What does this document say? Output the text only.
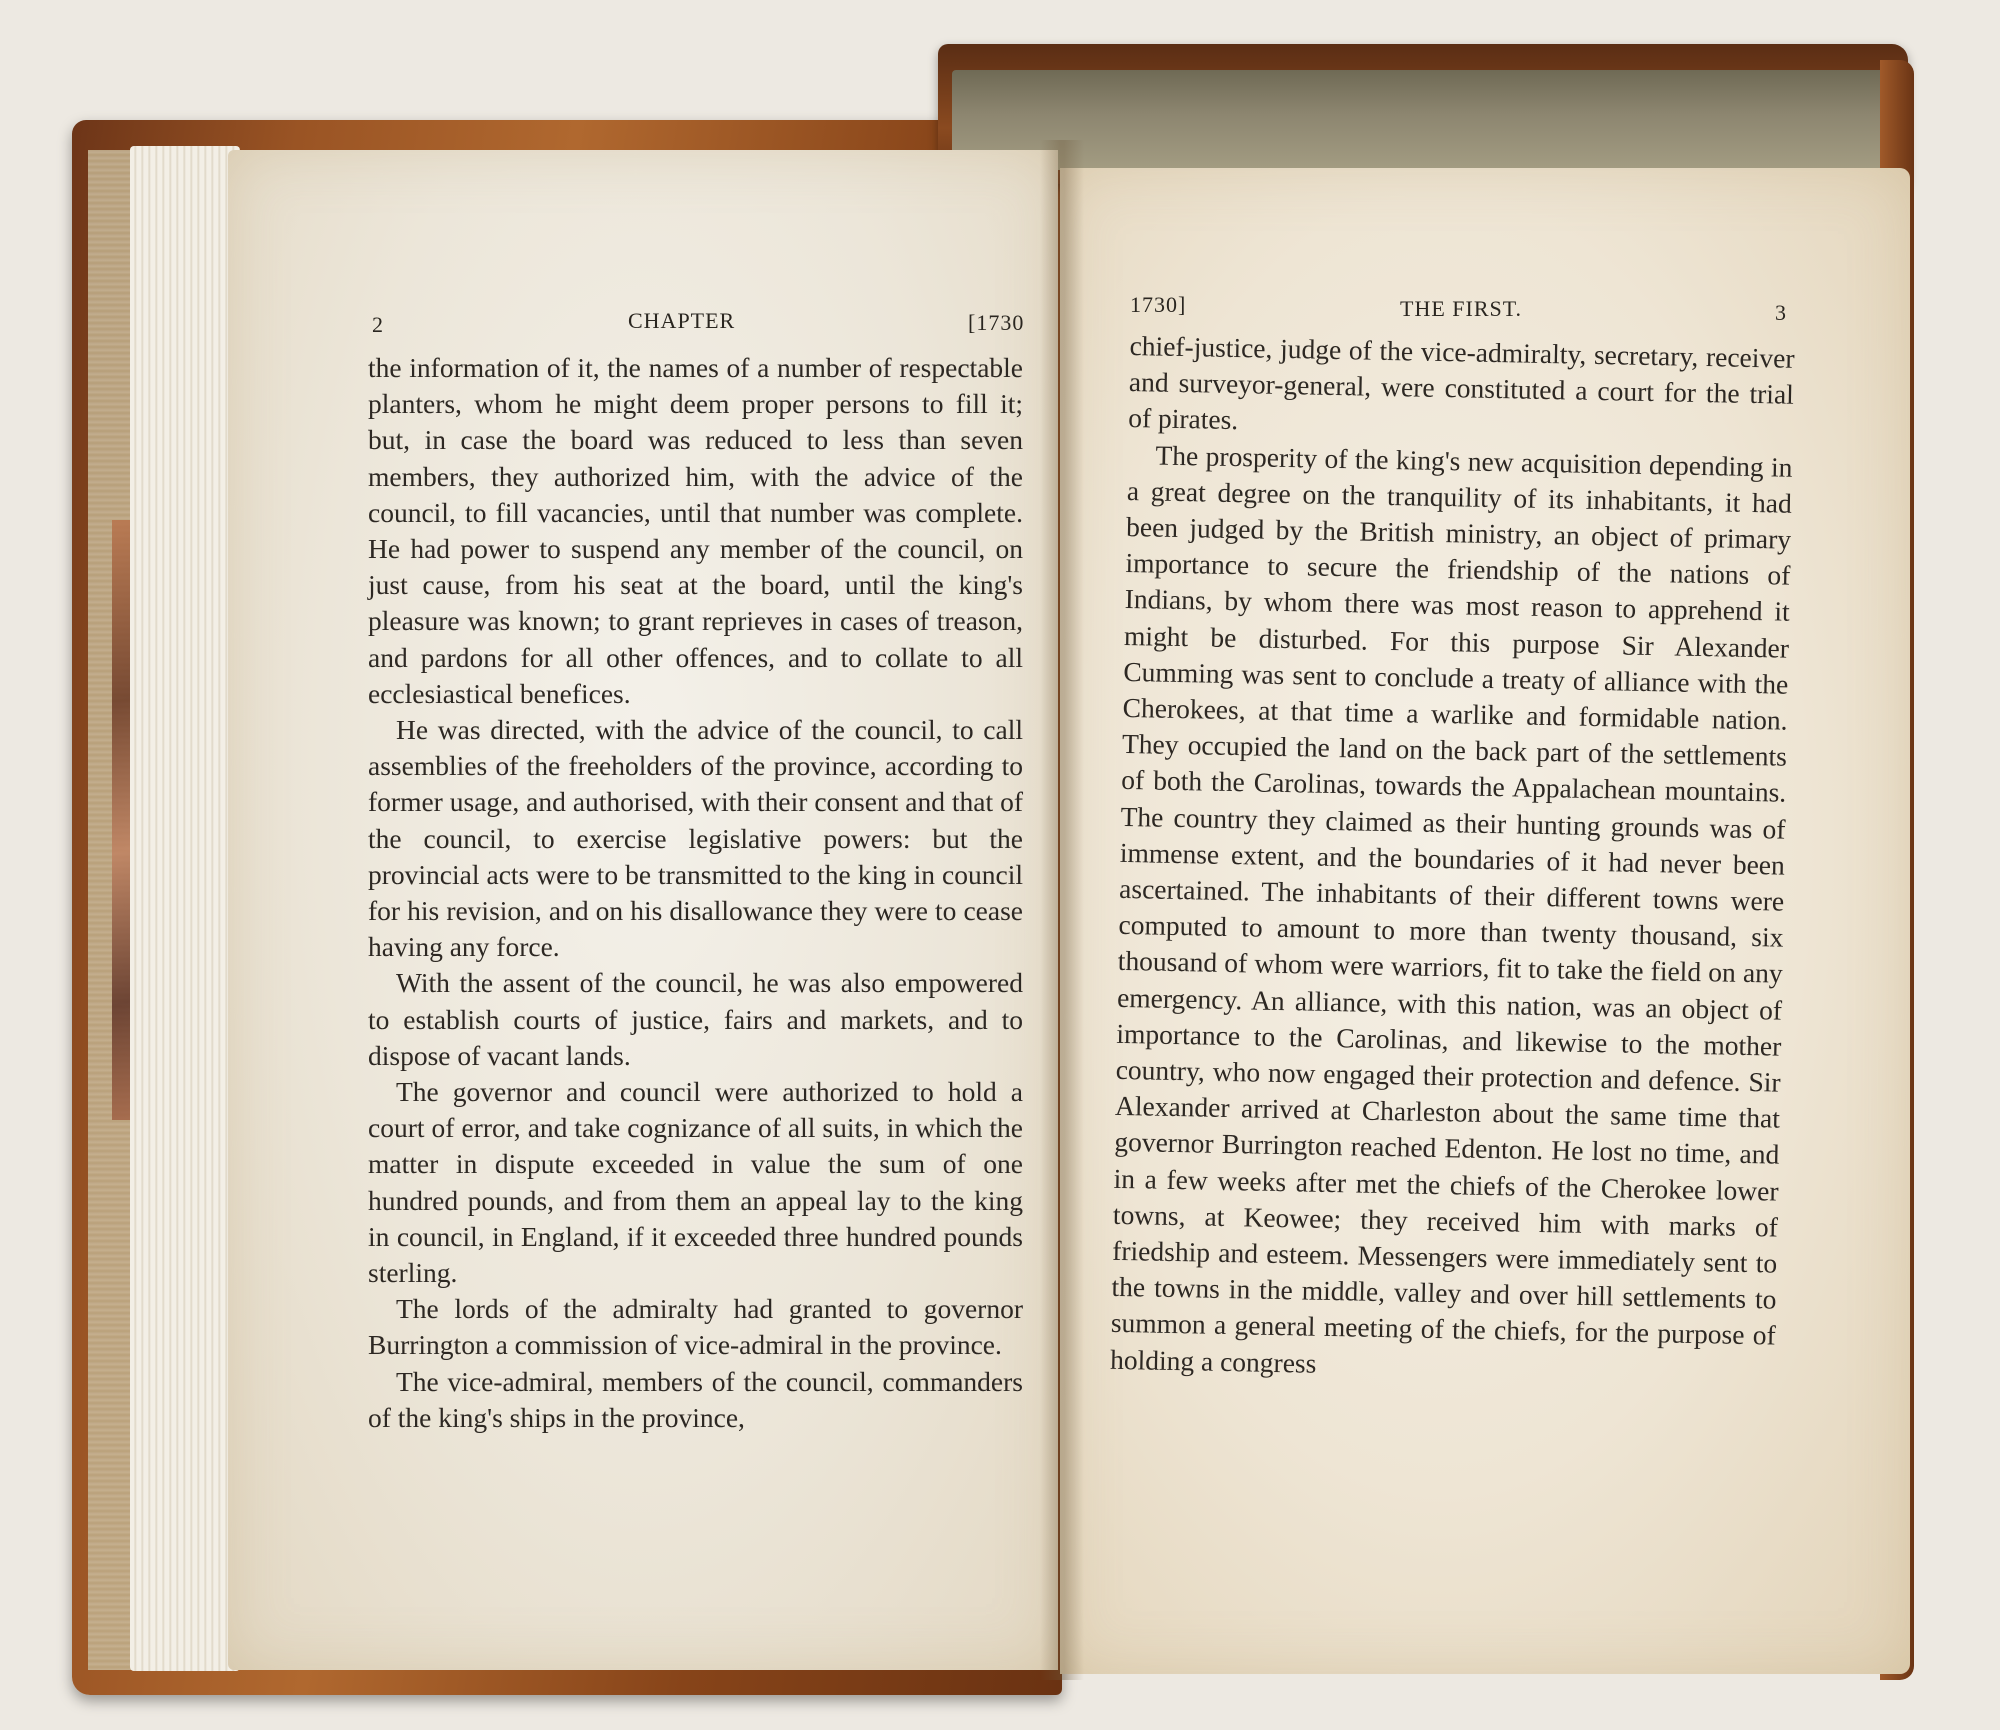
2	CHAPTER	[1730

the information of it, the names of a number of respectable planters, whom he might deem proper persons to fill it; but, in case the board was reduced to less than seven members, they authorized him, with the advice of the council, to fill vacancies, until that number was complete. He had power to suspend any member of the council, on just cause, from his seat at the board, until the king's pleasure was known; to grant reprieves in cases of treason, and pardons for all other offences, and to collate to all ecclesiastical benefices.

He was directed, with the advice of the council, to call assemblies of the freeholders of the province, according to former usage, and authorised, with their consent and that of the council, to exercise legislative powers: but the provincial acts were to be transmitted to the king in council for his revision, and on his disallowance they were to cease having any force.

With the assent of the council, he was also empowered to establish courts of justice, fairs and markets, and to dispose of vacant lands.

The governor and council were authorized to hold a court of error, and take cognizance of all suits, in which the matter in dispute exceeded in value the sum of one hundred pounds, and from them an appeal lay to the king in council, in England, if it exceeded three hundred pounds sterling.

The lords of the admiralty had granted to governor Burrington a commission of vice-admiral in the province.

The vice-admiral, members of the council, commanders of the king's ships in the province,

1730]	THE FIRST.	3

chief-justice, judge of the vice-admiralty, secretary, receiver and surveyor-general, were constituted a court for the trial of pirates.

The prosperity of the king's new acquisition depending in a great degree on the tranquility of its inhabitants, it had been judged by the British ministry, an object of primary importance to secure the friendship of the nations of Indians, by whom there was most reason to apprehend it might be disturbed. For this purpose Sir Alexander Cumming was sent to conclude a treaty of alliance with the Cherokees, at that time a warlike and formidable nation. They occupied the land on the back part of the settlements of both the Carolinas, towards the Appalachean mountains. The country they claimed as their hunting grounds was of immense extent, and the boundaries of it had never been ascertained. The inhabitants of their different towns were computed to amount to more than twenty thousand, six thousand of whom were warriors, fit to take the field on any emergency. An alliance, with this nation, was an object of importance to the Carolinas, and likewise to the mother country, who now engaged their protection and defence. Sir Alexander arrived at Charleston about the same time that governor Burrington reached Edenton. He lost no time, and in a few weeks after met the chiefs of the Cherokee lower towns, at Keowee; they received him with marks of friedship and esteem. Messengers were immediately sent to the towns in the middle, valley and over hill settlements to summon a general meeting of the chiefs, for the purpose of holding a congress
